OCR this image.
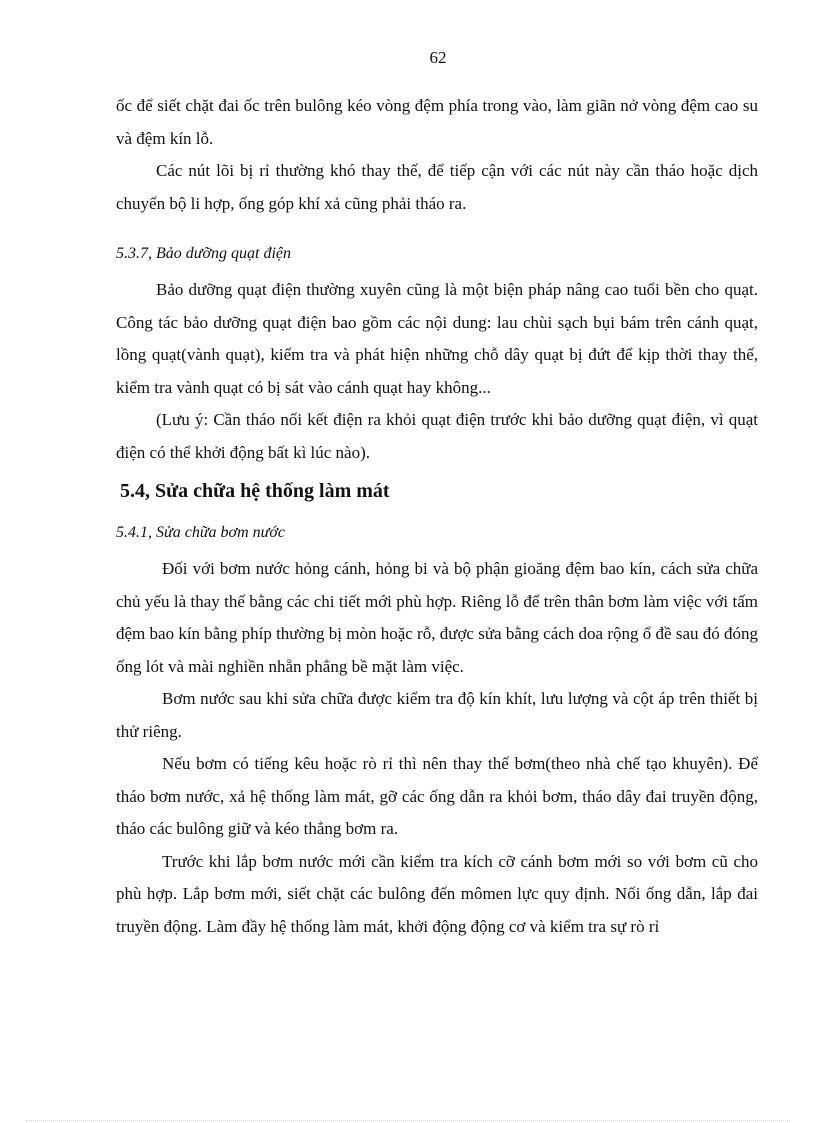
62

ốc để siết chặt đai ốc trên bulông kéo vòng đệm phía trong vào, làm giãn nở vòng đệm cao su và đệm kín lỗ.

Các nút lõi bị rỉ thường khó thay thế, để tiếp cận với các nút này cần tháo hoặc dịch chuyển bộ li hợp, ống góp khí xả cũng phải tháo ra.

5.3.7, Bảo dưỡng quạt điện

Bảo dưỡng quạt điện thường xuyên cũng là một biện pháp nâng cao tuổi bền cho quạt. Công tác bảo dưỡng quạt điện bao gồm các nội dung: lau chùi sạch bụi bám trên cánh quạt, lồng quạt(vành quạt), kiểm tra và phát hiện những chỗ dây quạt bị đứt để kịp thời thay thế, kiểm tra vành quạt có bị sát vào cánh quạt hay không...

(Lưu ý: Cần tháo nối kết điện ra khỏi quạt điện trước khi bảo dưỡng quạt điện, vì quạt điện có thể khởi động bất kì lúc nào).

5.4, Sửa chữa hệ thống làm mát
5.4.1, Sửa chữa bơm nước

Đối với bơm nước hỏng cánh, hỏng bi và bộ phận gioăng đệm bao kín, cách sửa chữa chủ yếu là thay thế bằng các chi tiết mới phù hợp. Riêng lỗ để trên thân bơm làm việc với tấm đệm bao kín bằng phíp thường bị mòn hoặc rỗ, được sửa bằng cách doa rộng ổ đề sau đó đóng ống lót và mài nghiền nhẵn phẳng bề mặt làm việc.

Bơm nước sau khi sửa chữa được kiểm tra độ kín khít, lưu lượng và cột áp trên thiết bị thử riêng.

Nếu bơm có tiếng kêu hoặc rò rỉ thì nên thay thế bơm(theo nhà chế tạo khuyên). Để tháo bơm nước, xả hệ thống làm mát, gỡ các ống dẫn ra khỏi bơm, tháo dây đai truyền động, tháo các bulông giữ và kéo thẳng bơm ra.

Trước khi lắp bơm nước mới cần kiểm tra kích cỡ cánh bơm mới so với bơm cũ cho phù hợp. Lắp bơm mới, siết chặt các bulông đến mômen lực quy định. Nối ống dẫn, lắp đai truyền động. Làm đầy hệ thống làm mát, khởi động động cơ và kiểm tra sự rò rỉ
